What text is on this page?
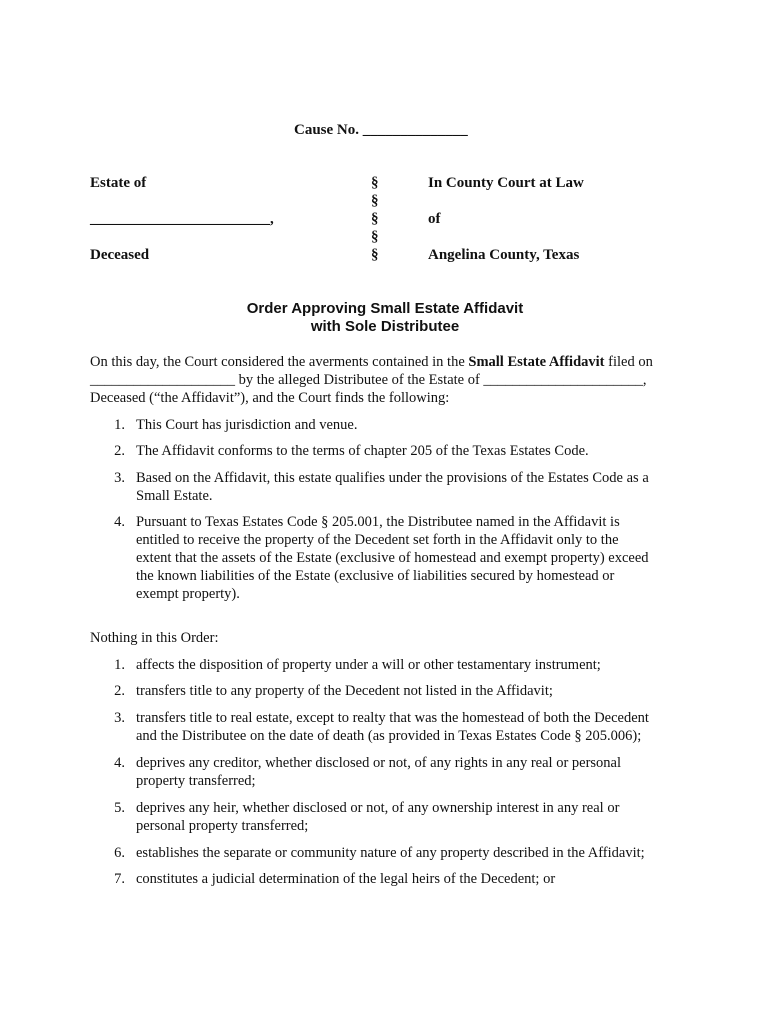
Cause No. ______________
Estate of
________________________,
Deceased
§
§
§
§
§
In County Court at Law
of
Angelina County, Texas
Order Approving Small Estate Affidavit
with Sole Distributee
On this day, the Court considered the averments contained in the Small Estate Affidavit filed on
____________________ by the alleged Distributee of the Estate of ______________________,
Deceased (“the Affidavit”), and the Court finds the following:
1. This Court has jurisdiction and venue.
2. The Affidavit conforms to the terms of chapter 205 of the Texas Estates Code.
3. Based on the Affidavit, this estate qualifies under the provisions of the Estates Code as a
Small Estate.
4. Pursuant to Texas Estates Code § 205.001, the Distributee named in the Affidavit is
entitled to receive the property of the Decedent set forth in the Affidavit only to the
extent that the assets of the Estate (exclusive of homestead and exempt property) exceed
the known liabilities of the Estate (exclusive of liabilities secured by homestead or
exempt property).
Nothing in this Order:
1. affects the disposition of property under a will or other testamentary instrument;
2. transfers title to any property of the Decedent not listed in the Affidavit;
3. transfers title to real estate, except to realty that was the homestead of both the Decedent
and the Distributee on the date of death (as provided in Texas Estates Code § 205.006);
4. deprives any creditor, whether disclosed or not, of any rights in any real or personal
property transferred;
5. deprives any heir, whether disclosed or not, of any ownership interest in any real or
personal property transferred;
6. establishes the separate or community nature of any property described in the Affidavit;
7. constitutes a judicial determination of the legal heirs of the Decedent; or
